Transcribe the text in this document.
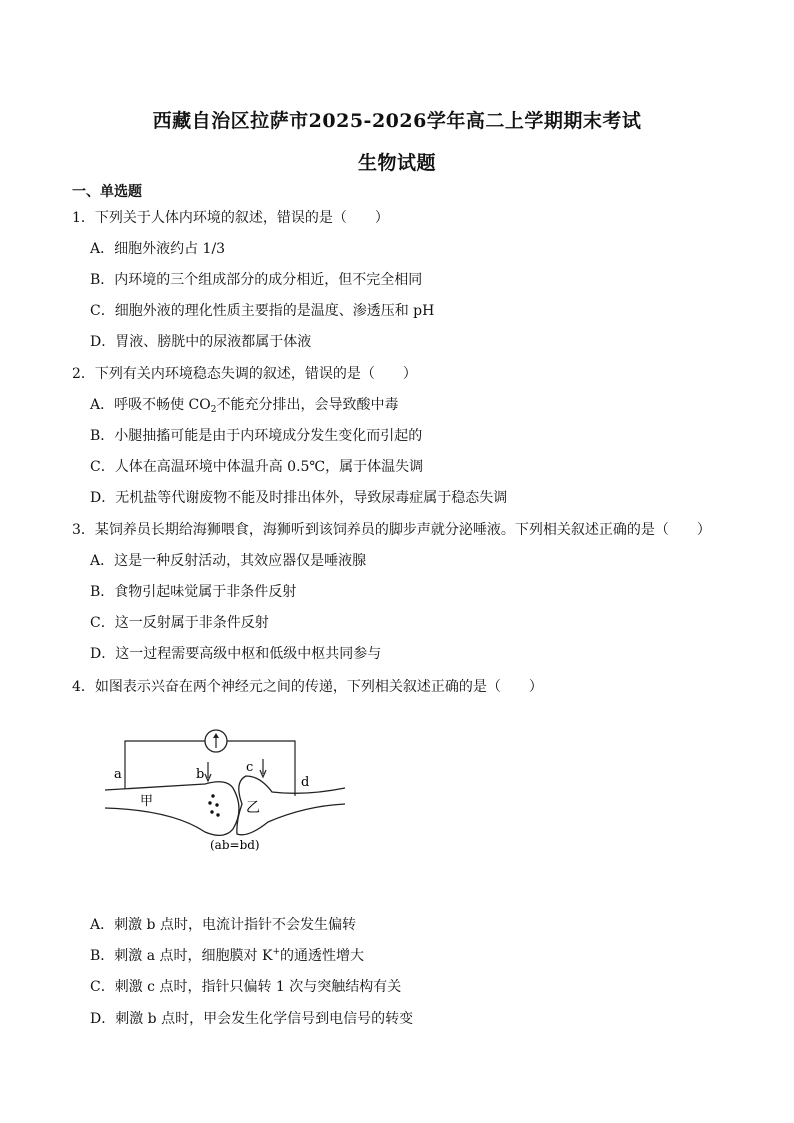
西藏自治区拉萨市2025-2026学年高二上学期期末考试
生物试题
一、单选题
1．下列关于人体内环境的叙述，错误的是（　　）
A．细胞外液约占 1/3
B．内环境的三个组成部分的成分相近，但不完全相同
C．细胞外液的理化性质主要指的是温度、渗透压和 pH
D．胃液、膀胱中的尿液都属于体液
2．下列有关内环境稳态失调的叙述，错误的是（　　）
A．呼吸不畅使 $CO_2$不能充分排出，会导致酸中毒
B．小腿抽搐可能是由于内环境成分发生变化而引起的
C．人体在高温环境中体温升高 0.5℃，属于体温失调
D．无机盐等代谢废物不能及时排出体外，导致尿毒症属于稳态失调
3．某饲养员长期给海狮喂食，海狮听到该饲养员的脚步声就分泌唾液。下列相关叙述正确的是（　　）
A．这是一种反射活动，其效应器仅是唾液腺
B．食物引起味觉属于非条件反射
C．这一反射属于非条件反射
D．这一过程需要高级中枢和低级中枢共同参与
4．如图表示兴奋在两个神经元之间的传递，下列相关叙述正确的是（　　）
a	b	c
d
甲	乙
(ab=bd)
A．刺激 b 点时，电流计指针不会发生偏转
B．刺激 a 点时，细胞膜对 K+的通透性增大
C．刺激 c 点时，指针只偏转 1 次与突触结构有关
D．刺激 b 点时，甲会发生化学信号到电信号的转变
